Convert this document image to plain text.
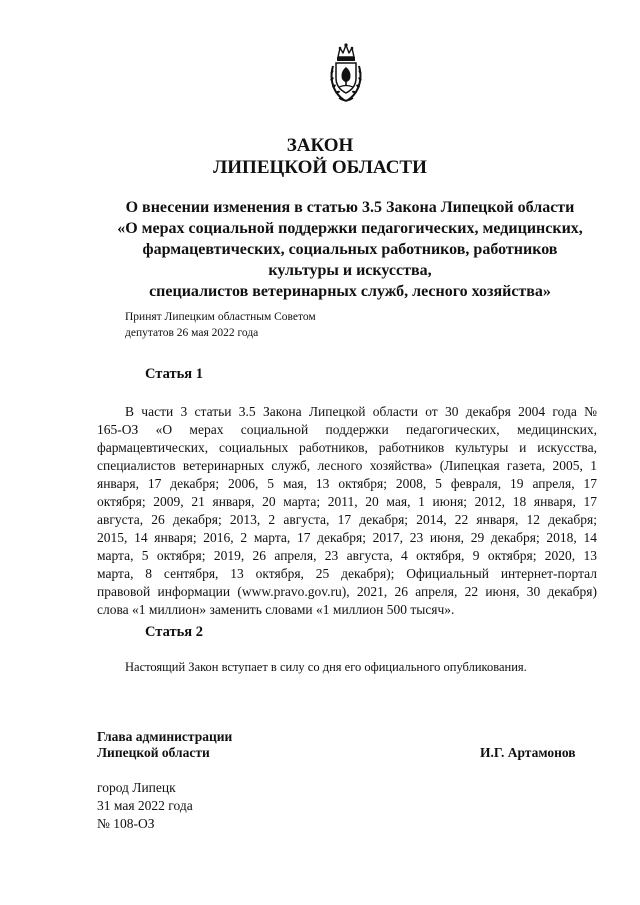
ЗАКОН
ЛИПЕЦКОЙ ОБЛАСТИ
О внесении изменения в статью 3.5 Закона Липецкой области
«О мерах социальной поддержки педагогических, медицинских,
фармацевтических, социальных работников, работников
культуры и искусства,
специалистов ветеринарных служб, лесного хозяйства»
Принят Липецким областным Советом
депутатов 26 мая 2022 года
Статья 1
В части 3 статьи 3.5 Закона Липецкой области от 30 декабря 2004 года №
165-ОЗ «О мерах социальной поддержки педагогических, медицинских,
фармацевтических, социальных работников, работников культуры и искусства,
специалистов ветеринарных служб, лесного хозяйства» (Липецкая газета, 2005, 1
января, 17 декабря; 2006, 5 мая, 13 октября; 2008, 5 февраля, 19 апреля, 17
октября; 2009, 21 января, 20 марта; 2011, 20 мая, 1 июня; 2012, 18 января, 17
августа, 26 декабря; 2013, 2 августа, 17 декабря; 2014, 22 января, 12 декабря;
2015, 14 января; 2016, 2 марта, 17 декабря; 2017, 23 июня, 29 декабря; 2018, 14
марта, 5 октября; 2019, 26 апреля, 23 августа, 4 октября, 9 октября; 2020, 13
марта, 8 сентября, 13 октября, 25 декабря); Официальный интернет-портал
правовой информации (www.pravo.gov.ru), 2021, 26 апреля, 22 июня, 30 декабря)
слова «1 миллион» заменить словами «1 миллион 500 тысяч».
Статья 2
Настоящий Закон вступает в силу со дня его официального опубликования.
Глава администрации
Липецкой области	И.Г. Артамонов
город Липецк
31 мая 2022 года
№ 108-ОЗ
